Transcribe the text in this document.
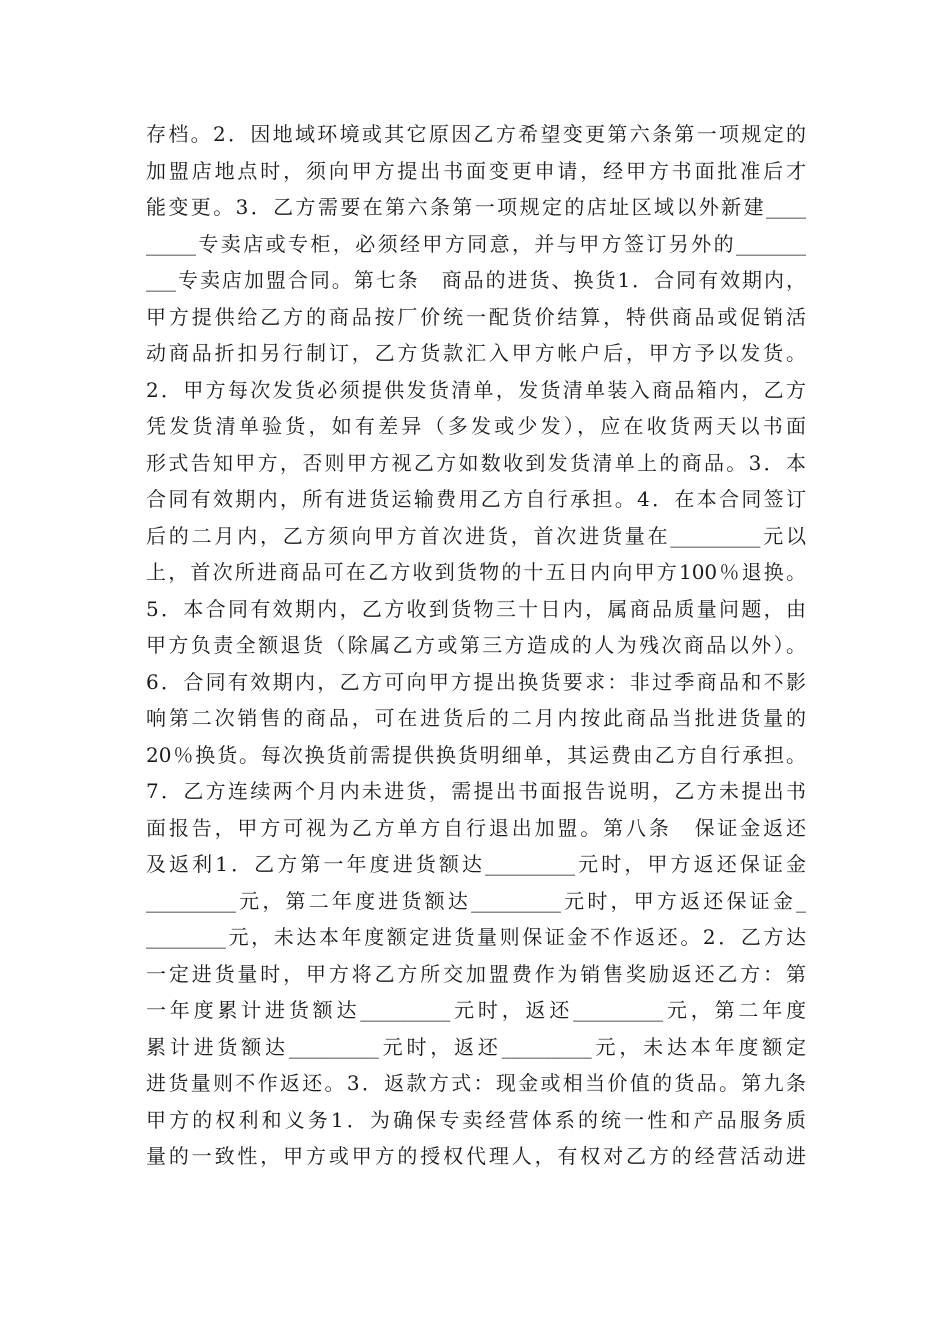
存档。2．因地域环境或其它原因乙方希望变更第六条第一项规定的
加盟店地点时，须向甲方提出书面变更申请，经甲方书面批准后才
能变更。3．乙方需要在第六条第一项规定的店址区域以外新建____
_____专卖店或专柜，必须经甲方同意，并与甲方签订另外的_______
___专卖店加盟合同。第七条　商品的进货、换货1．合同有效期内，
甲方提供给乙方的商品按厂价统一配货价结算，特供商品或促销活
动商品折扣另行制订，乙方货款汇入甲方帐户后，甲方予以发货。
2．甲方每次发货必须提供发货清单，发货清单装入商品箱内，乙方
凭发货清单验货，如有差异（多发或少发），应在收货两天以书面
形式告知甲方，否则甲方视乙方如数收到发货清单上的商品。3．本
合同有效期内，所有进货运输费用乙方自行承担。4．在本合同签订
后的二月内，乙方须向甲方首次进货，首次进货量在_________元以
上，首次所进商品可在乙方收到货物的十五日内向甲方100％退换。
5．本合同有效期内，乙方收到货物三十日内，属商品质量问题，由
甲方负责全额退货（除属乙方或第三方造成的人为残次商品以外）。
6．合同有效期内，乙方可向甲方提出换货要求：非过季商品和不影
响第二次销售的商品，可在进货后的二月内按此商品当批进货量的
20％换货。每次换货前需提供换货明细单，其运费由乙方自行承担。
7．乙方连续两个月内未进货，需提出书面报告说明，乙方未提出书
面报告，甲方可视为乙方单方自行退出加盟。第八条　保证金返还
及返利1．乙方第一年度进货额达_________元时，甲方返还保证金
_________元，第二年度进货额达_________元时，甲方返还保证金_
________元，未达本年度额定进货量则保证金不作返还。2．乙方达
一定进货量时，甲方将乙方所交加盟费作为销售奖励返还乙方：第
一年度累计进货额达_________元时，返还_________元，第二年度
累计进货额达_________元时，返还_________元，未达本年度额定
进货量则不作返还。3．返款方式：现金或相当价值的货品。第九条
甲方的权利和义务1．为确保专卖经营体系的统一性和产品服务质
量的一致性，甲方或甲方的授权代理人，有权对乙方的经营活动进
